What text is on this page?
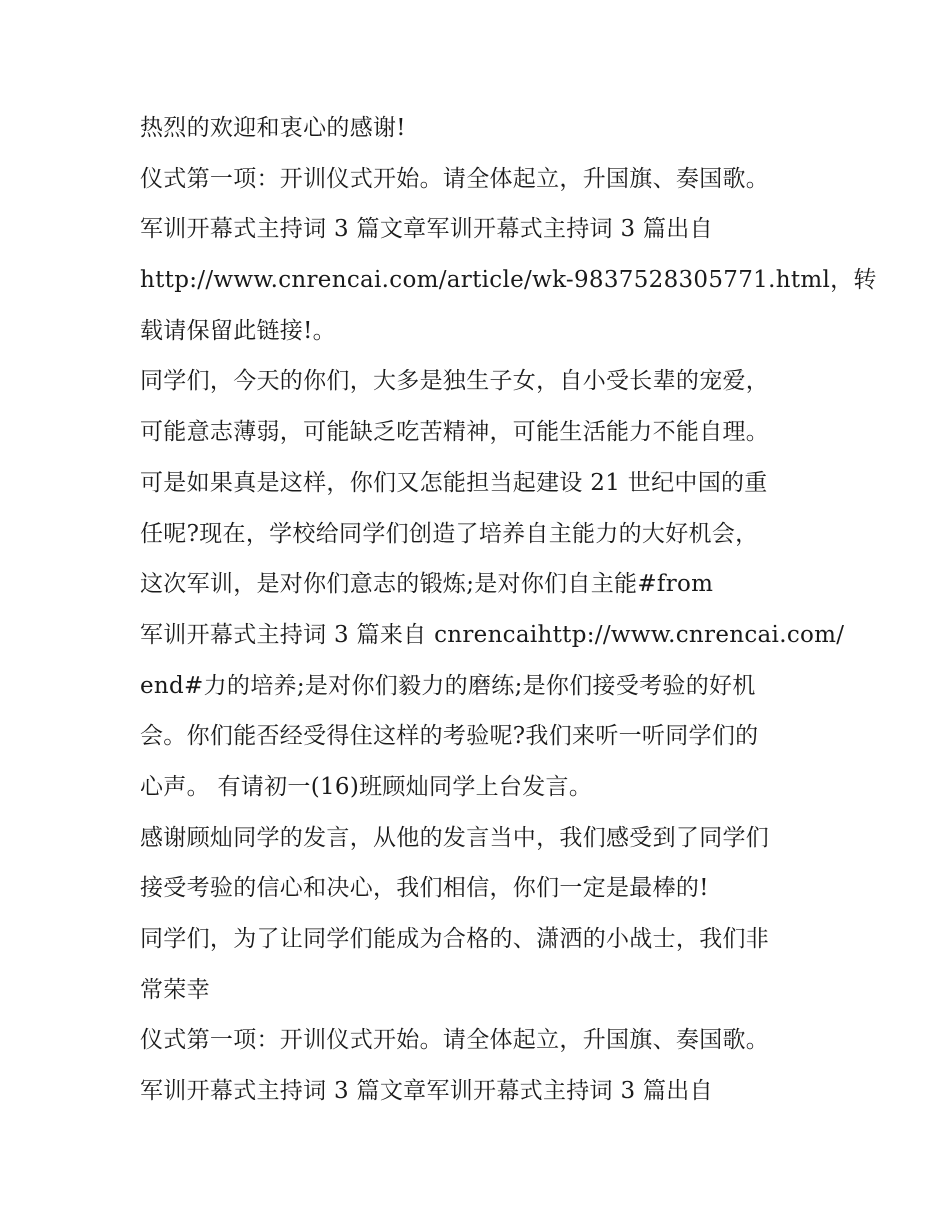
热烈的欢迎和衷心的感谢!
仪式第一项：开训仪式开始。请全体起立，升国旗、奏国歌。
军训开幕式主持词 3 篇文章军训开幕式主持词 3 篇出自
http://www.cnrencai.com/article/wk-9837528305771.html，转
载请保留此链接!。
同学们，今天的你们，大多是独生子女，自小受长辈的宠爱，
可能意志薄弱，可能缺乏吃苦精神，可能生活能力不能自理。
可是如果真是这样，你们又怎能担当起建设 21 世纪中国的重
任呢?现在，学校给同学们创造了培养自主能力的大好机会，
这次军训，是对你们意志的锻炼;是对你们自主能#from
军训开幕式主持词 3 篇来自 cnrencaihttp://www.cnrencai.com/
end#力的培养;是对你们毅力的磨练;是你们接受考验的好机
会。你们能否经受得住这样的考验呢?我们来听一听同学们的
心声。 有请初一(16)班顾灿同学上台发言。
感谢顾灿同学的发言，从他的发言当中，我们感受到了同学们
接受考验的信心和决心，我们相信，你们一定是最棒的!
同学们，为了让同学们能成为合格的、潇洒的小战士，我们非
常荣幸
仪式第一项：开训仪式开始。请全体起立，升国旗、奏国歌。
军训开幕式主持词 3 篇文章军训开幕式主持词 3 篇出自
